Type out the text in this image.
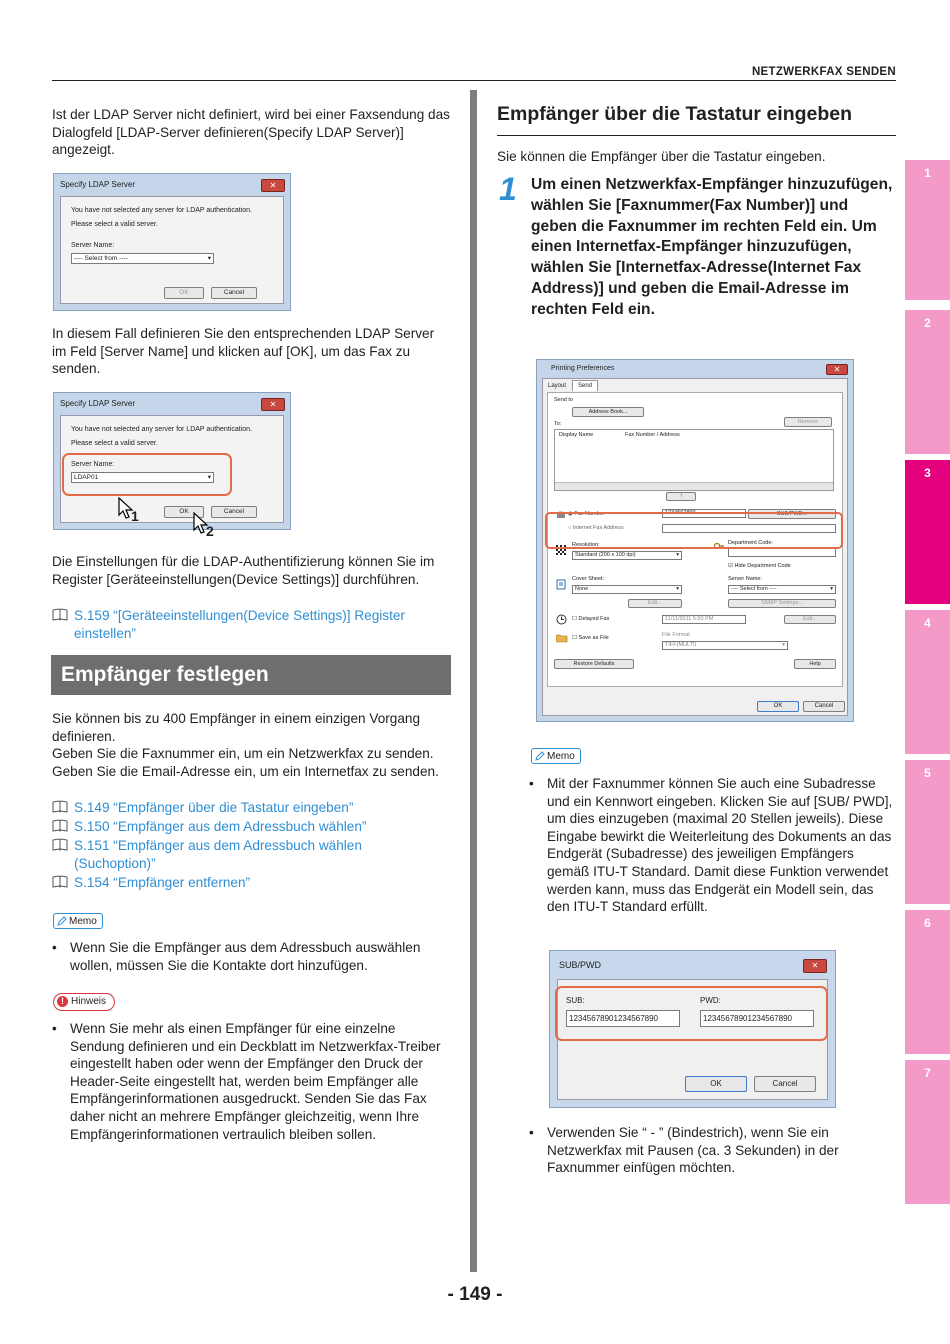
NETZWERKFAX SENDEN
Ist der LDAP Server nicht definiert, wird bei einer Faxsendung das Dialogfeld [LDAP-Server definieren(Specify LDAP Server)] angezeigt.
Specify LDAP Server	✕
You have not selected any server for LDAP authentication.
Please select a valid server.
Server Name:
---- Select from ----	▾
OK	Cancel
In diesem Fall definieren Sie den entsprechenden LDAP Server im Feld [Server Name] und klicken auf [OK], um das Fax zu senden.
Specify LDAP Server	✕
You have not selected any server for LDAP authentication.
Please select a valid server.
Server Name:
LDAP01	▾
OK	Cancel
1
2
Die Einstellungen für die LDAP-Authentifizierung können Sie im Register [Geräteeinstellungen(Device Settings)] durchführen.
S.159 “[Geräteeinstellungen(Device Settings)] Register
einstellen”
Empfänger festlegen
Sie können bis zu 400 Empfänger in einem einzigen Vorgang definieren.
Geben Sie die Faxnummer ein, um ein Netzwerkfax zu senden. Geben Sie die Email-Adresse ein, um ein Internetfax zu senden.
S.149 “Empfänger über die Tastatur eingeben”
S.150 “Empfänger aus dem Adressbuch wählen”
S.151 “Empfänger aus dem Adressbuch wählen
(Suchoption)”
S.154 “Empfänger entfernen”
Memo
• Wenn Sie die Empfänger aus dem Adressbuch auswählen wollen, müssen Sie die Kontakte dort hinzufügen.
! Hinweis
• Wenn Sie mehr als einen Empfänger für eine einzelne Sendung definieren und ein Deckblatt im Netzwerkfax-Treiber eingestellt haben oder wenn der Empfänger den Druck der Header-Seite eingestellt hat, werden beim Empfänger alle Empfängerinformationen ausgedruckt. Senden Sie das Fax daher nicht an mehrere Empfänger gleichzeitig, wenn Ihre Empfängerinformationen vertraulich bleiben sollen.
Empfänger über die Tastatur eingeben
Sie können die Empfänger über die Tastatur eingeben.
1 Um einen Netzwerkfax-Empfänger hinzuzufügen, wählen Sie [Faxnummer(Fax Number)] und geben die Faxnummer im rechten Feld ein. Um einen Internetfax-Empfänger hinzuzufügen, wählen Sie [Internetfax-Adresse(Internet Fax Address)] und geben die Email-Adresse im rechten Feld ein.
Printing Preferences	✕
Layout	Send
Send to
Address Book...
To:	Remove
Display Name	Fax Number / Address
↑
◉ Fax Number	1234567890	SUB/PWD...
○ Internet Fax Address
Resolution:
Standard (200 x 100 dpi)	▾
Department Code:
☑ Hide Department Code
Cover Sheet:
None	▾
Server Name:
---- Select from ----	▾
Edit...	SNMP Settings...
☐ Delayed Fax	11/11/2011 5:50 PM	Edit...
☐ Save as File	File Format
TIFF(MULTI)	▾
Restore Defaults	Help
OK	Cancel
Memo
• Mit der Faxnummer können Sie auch eine Subadresse und ein Kennwort eingeben. Klicken Sie auf [SUB/ PWD], um dies einzugeben (maximal 20 Stellen jeweils). Diese Eingabe bewirkt die Weiterleitung des Dokuments an das Endgerät (Subadresse) des jeweiligen Empfängers gemäß ITU-T Standard. Damit diese Funktion verwendet werden kann, muss das Endgerät ein Modell sein, das den ITU-T Standard erfüllt.
SUB/PWD	✕
SUB:
12345678901234567890
PWD:
12345678901234567890
OK	Cancel
• Verwenden Sie “ - ” (Bindestrich), wenn Sie ein Netzwerkfax mit Pausen (ca. 3 Sekunden) in der Faxnummer einfügen möchten.
1
2
3
4
5
6
7
- 149 -
